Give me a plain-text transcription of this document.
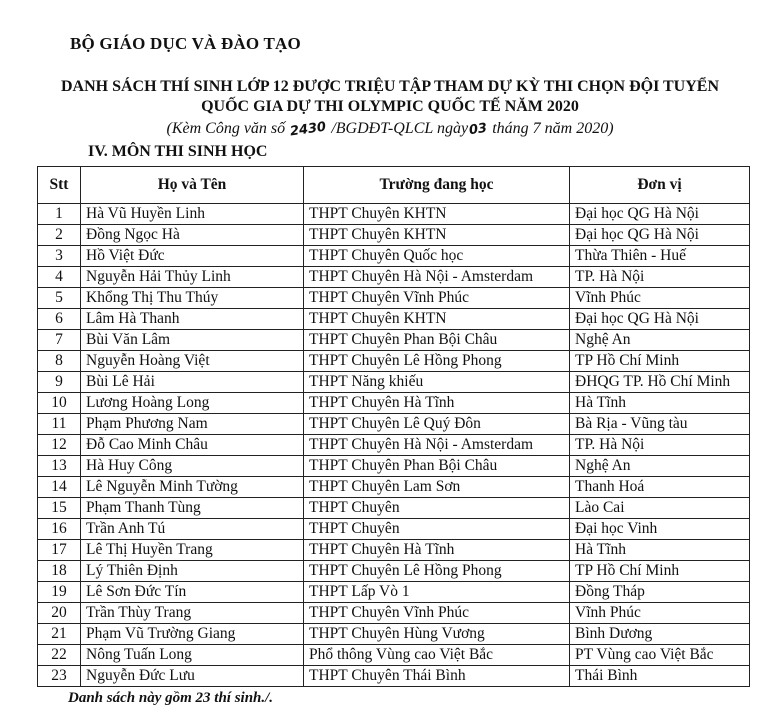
BỘ GIÁO DỤC VÀ ĐÀO TẠO
DANH SÁCH THÍ SINH LỚP 12 ĐƯỢC TRIỆU TẬP THAM DỰ KỲ THI CHỌN ĐỘI TUYỂN
QUỐC GIA DỰ THI OLYMPIC QUỐC TẾ NĂM 2020
(Kèm Công văn số 2430 /BGDĐT-QLCL ngày03 tháng 7 năm 2020)
IV. MÔN THI SINH HỌC
Stt	Họ và Tên	Trường đang học	Đơn vị
1	Hà Vũ Huyền Linh	THPT Chuyên KHTN	Đại học QG Hà Nội
2	Đồng Ngọc Hà	THPT Chuyên KHTN	Đại học QG Hà Nội
3	Hồ Việt Đức	THPT Chuyên Quốc học	Thừa Thiên - Huế
4	Nguyễn Hải Thủy Linh	THPT Chuyên Hà Nội - Amsterdam	TP. Hà Nội
5	Khổng Thị Thu Thúy	THPT Chuyên Vĩnh Phúc	Vĩnh Phúc
6	Lâm Hà Thanh	THPT Chuyên KHTN	Đại học QG Hà Nội
7	Bùi Văn Lâm	THPT Chuyên Phan Bội Châu	Nghệ An
8	Nguyễn Hoàng Việt	THPT Chuyên Lê Hồng Phong	TP Hồ Chí Minh
9	Bùi Lê Hải	THPT Năng khiếu	ĐHQG TP. Hồ Chí Minh
10	Lương Hoàng Long	THPT Chuyên Hà Tĩnh	Hà Tĩnh
11	Phạm Phương Nam	THPT Chuyên Lê Quý Đôn	Bà Rịa - Vũng tàu
12	Đỗ Cao Minh Châu	THPT Chuyên Hà Nội - Amsterdam	TP. Hà Nội
13	Hà Huy Công	THPT Chuyên Phan Bội Châu	Nghệ An
14	Lê Nguyễn Minh Tường	THPT Chuyên Lam Sơn	Thanh Hoá
15	Phạm Thanh Tùng	THPT Chuyên	Lào Cai
16	Trần Anh Tú	THPT Chuyên	Đại học Vinh
17	Lê Thị Huyền Trang	THPT Chuyên Hà Tĩnh	Hà Tĩnh
18	Lý Thiên Định	THPT Chuyên Lê Hồng Phong	TP Hồ Chí Minh
19	Lê Sơn Đức Tín	THPT Lấp Vò 1	Đồng Tháp
20	Trần Thùy Trang	THPT Chuyên Vĩnh Phúc	Vĩnh Phúc
21	Phạm Vũ Trường Giang	THPT Chuyên Hùng Vương	Bình Dương
22	Nông Tuấn Long	Phổ thông Vùng cao Việt Bắc	PT Vùng cao Việt Bắc
23	Nguyễn Đức Lưu	THPT Chuyên Thái Bình	Thái Bình
Danh sách này gồm 23 thí sinh./.
